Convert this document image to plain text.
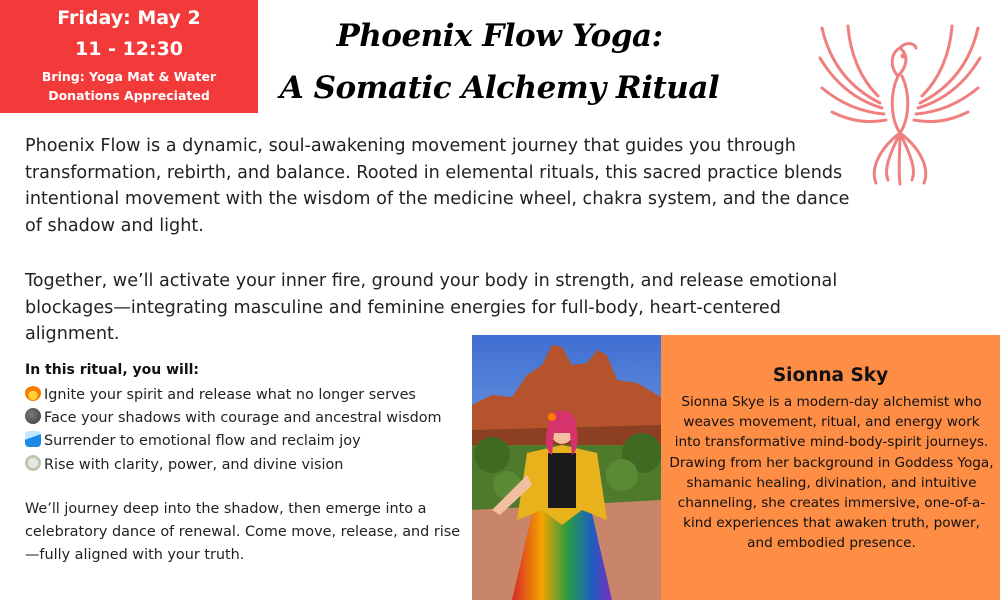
Friday: May 2
11 - 12:30
Bring: Yoga Mat & Water
Donations Appreciated
Phoenix Flow Yoga:
A Somatic Alchemy Ritual

Phoenix Flow is a dynamic, soul-awakening movement journey that guides you through transformation, rebirth, and balance. Rooted in elemental rituals, this sacred practice blends intentional movement with the wisdom of the medicine wheel, chakra system, and the dance of shadow and light.

Together, we’ll activate your inner fire, ground your body in strength, and release emotional blockages—integrating masculine and feminine energies for full-body, heart-centered alignment.

In this ritual, you will:
Ignite your spirit and release what no longer serves
Face your shadows with courage and ancestral wisdom
Surrender to emotional flow and reclaim joy
Rise with clarity, power, and divine vision

We’ll journey deep into the shadow, then emerge into a celebratory dance of renewal. Come move, release, and rise—fully aligned with your truth.

Sionna Sky

Sionna Skye is a modern-day alchemist who weaves movement, ritual, and energy work into transformative mind-body-spirit journeys. Drawing from her background in Goddess Yoga, shamanic healing, divination, and intuitive channeling, she creates immersive, one-of-a-kind experiences that awaken truth, power, and embodied presence.
